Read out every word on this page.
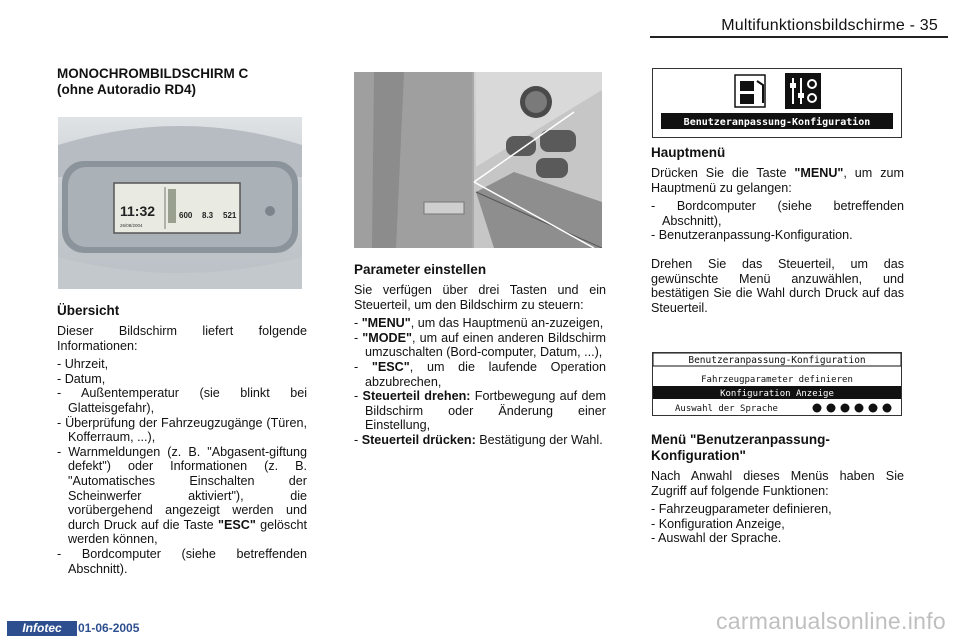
Multifunktionsbildschirme - 35
MONOCHROMBILDSCHIRM C
(ohne Autoradio RD4)
11:32
26/08/2004
600 8.3 521
Übersicht

Dieser Bildschirm liefert folgende Informationen:

- Uhrzeit,
- Datum,
- Außentemperatur (sie blinkt bei Glatteisgefahr),
- Überprüfung der Fahrzeugzugänge (Türen, Kofferraum, ...),
- Warnmeldungen (z. B. "Abgasent-giftung defekt") oder Informationen (z. B. "Automatisches Einschalten der Scheinwerfer aktiviert"), die vorübergehend angezeigt werden und durch Druck auf die Taste "ESC" gelöscht werden können,
- Bordcomputer (siehe betreffenden Abschnitt).
Parameter einstellen

Sie verfügen über drei Tasten und ein Steuerteil, um den Bildschirm zu steuern:

- "MENU", um das Hauptmenü an-zuzeigen,
- "MODE", um auf einen anderen Bildschirm umzuschalten (Bord-computer, Datum, ...),
- "ESC", um die laufende Operation abzubrechen,
- Steuerteil drehen: Fortbewegung auf dem Bildschirm oder Änderung einer Einstellung,
- Steuerteil drücken: Bestätigung der Wahl.
Benutzeranpassung-Konfiguration
Hauptmenü

Drücken Sie die Taste "MENU", um zum Hauptmenü zu gelangen:

- Bordcomputer (siehe betreffenden Abschnitt),
- Benutzeranpassung-Konfiguration.

Drehen Sie das Steuerteil, um das gewünschte Menü anzuwählen, und bestätigen Sie die Wahl durch Druck auf das Steuerteil.

Benutzeranpassung-Konfiguration
Fahrzeugparameter definieren
Konfiguration Anzeige
Auswahl der Sprache
Menü "Benutzeranpassung-
Konfiguration"

Nach Anwahl dieses Menüs haben Sie Zugriff auf folgende Funktionen:

- Fahrzeugparameter definieren,
- Konfiguration Anzeige,
- Auswahl der Sprache.
Infotec	01-06-2005	carmanualsonline.info
